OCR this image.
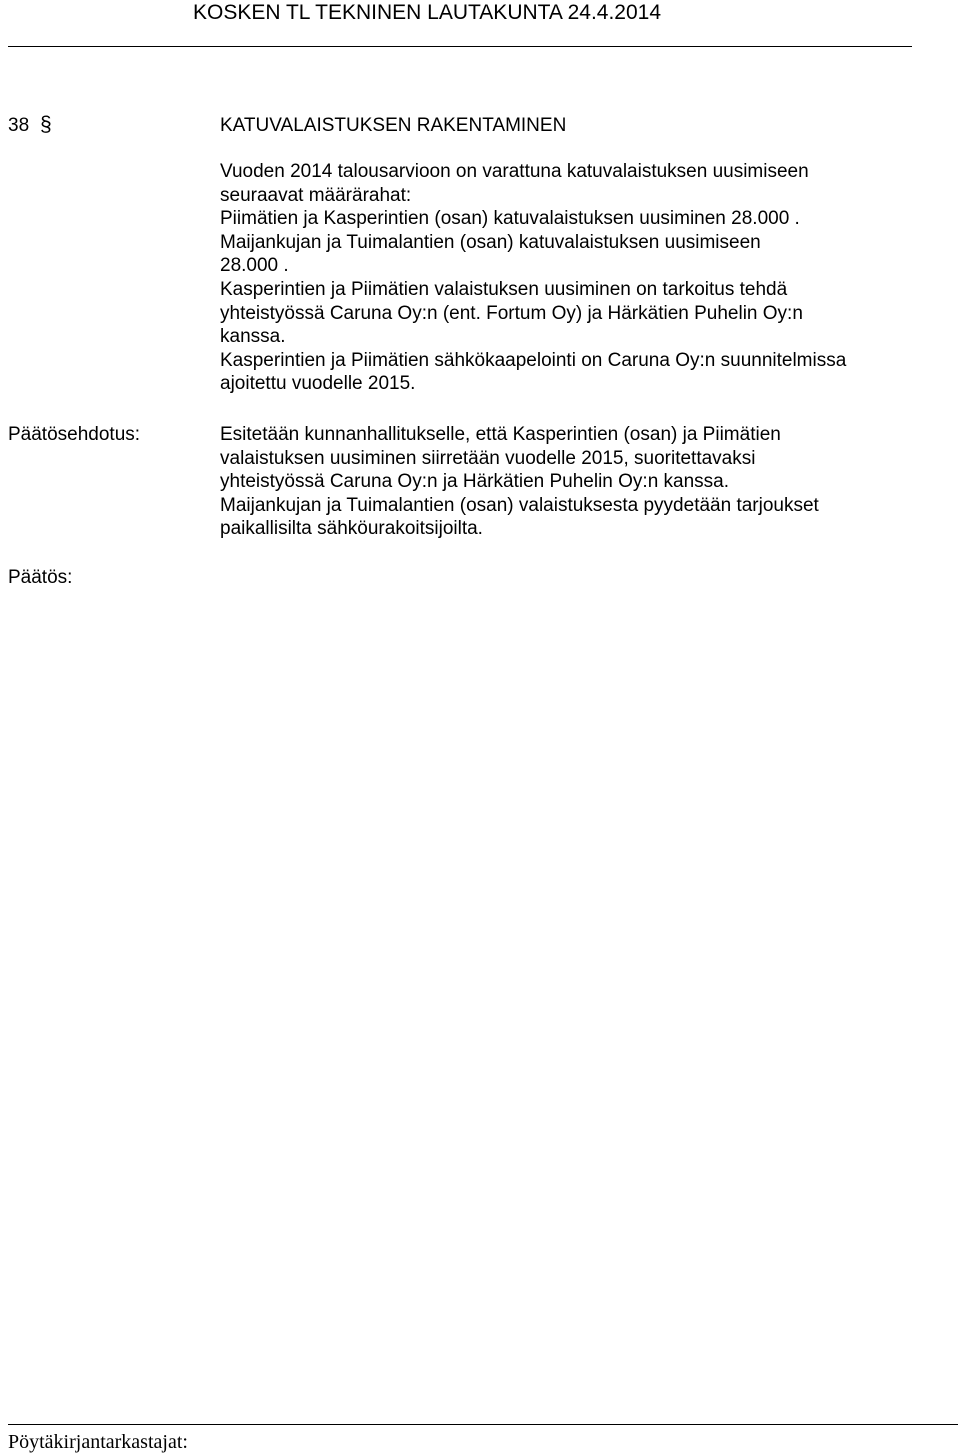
KOSKEN TL TEKNINEN LAUTAKUNTA 24.4.2014
38 §	KATUVALAISTUKSEN RAKENTAMINEN
Vuoden 2014 talousarvioon on varattuna katuvalaistuksen uusimiseen
seuraavat määrärahat:
Piimätien ja Kasperintien (osan) katuvalaistuksen uusiminen 28.000 .
Maijankujan ja Tuimalantien (osan) katuvalaistuksen uusimiseen
28.000 .
Kasperintien ja Piimätien valaistuksen uusiminen on tarkoitus tehdä
yhteistyössä Caruna Oy:n (ent. Fortum Oy) ja Härkätien Puhelin Oy:n
kanssa.
Kasperintien ja Piimätien sähkökaapelointi on Caruna Oy:n suunnitelmissa
ajoitettu vuodelle 2015.
Päätösehdotus:	Esitetään kunnanhallitukselle, että Kasperintien (osan) ja Piimätien
valaistuksen uusiminen siirretään vuodelle 2015, suoritettavaksi
yhteistyössä Caruna Oy:n ja Härkätien Puhelin Oy:n kanssa.
Maijankujan ja Tuimalantien (osan) valaistuksesta pyydetään tarjoukset
paikallisilta sähköurakoitsijoilta.
Päätös:
Pöytäkirjantarkastajat:
